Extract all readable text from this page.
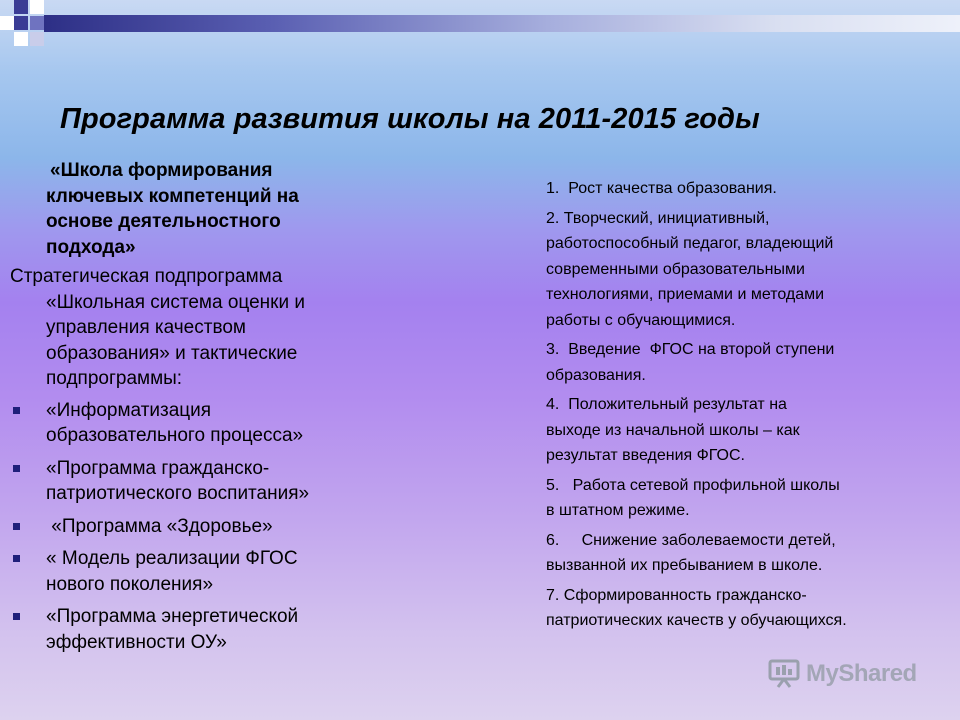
Программа развития школы на 2011-2015 годы
«Школа формирования
ключевых компетенций на
основе деятельностного
подхода»
Стратегическая подпрограмма
«Школьная система оценки и
управления качеством
образования» и тактические
подпрограммы:
«Информатизация
образовательного процесса»
«Программа гражданско-
патриотического воспитания»
«Программа «Здоровье»
« Модель реализации ФГОС
нового поколения»
«Программа энергетической
эффективности ОУ»

1.  Рост качества образования.

2. Творческий, инициативный,
работоспособный педагог, владеющий
современными образовательными
технологиями, приемами и методами
работы с обучающимися.

3.  Введение  ФГОС на второй ступени
образования.

4.  Положительный результат на
выходе из начальной школы – как
результат введения ФГОС.

5.   Работа сетевой профильной школы
в штатном режиме.

6.     Снижение заболеваемости детей,
вызванной их пребыванием в школе.

7. Сформированность гражданско-
патриотических качеств у обучающихся.

MyShared
